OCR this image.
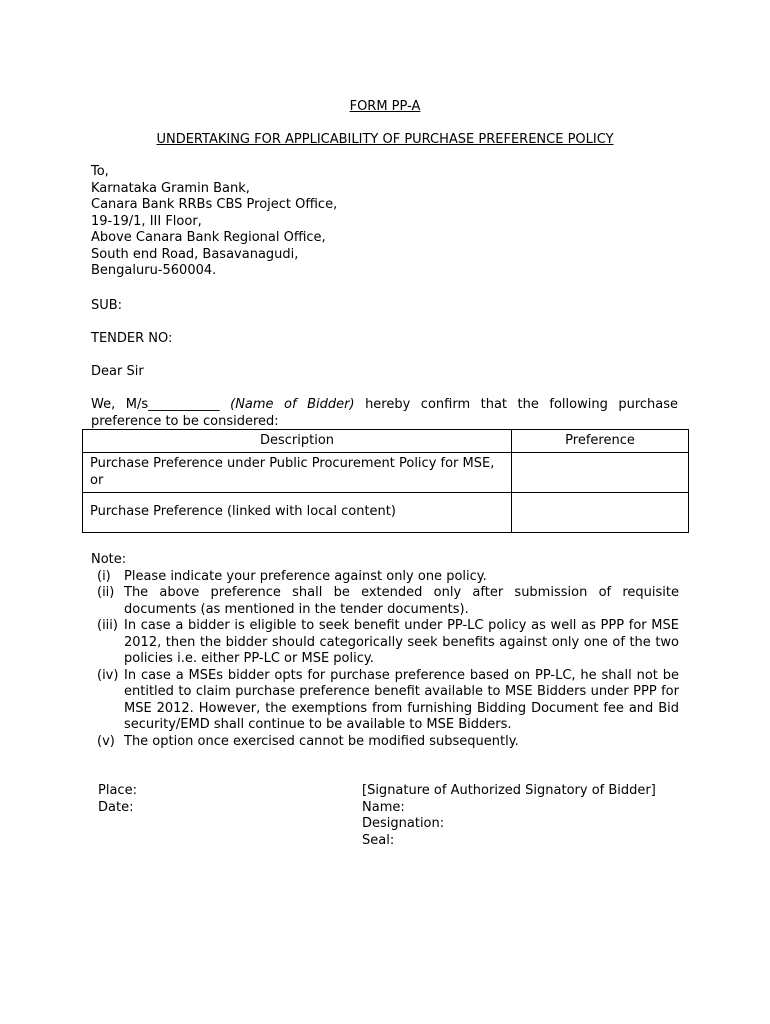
FORM PP-A
UNDERTAKING FOR APPLICABILITY OF PURCHASE PREFERENCE POLICY
To,
Karnataka Gramin Bank,
Canara Bank RRBs CBS Project Office,
19-19/1, III Floor,
Above Canara Bank Regional Office,
South end Road, Basavanagudi,
Bengaluru-560004.
SUB:
TENDER NO:
Dear Sir
We, M/s___________ (Name of Bidder) hereby confirm that the following purchase
preference to be considered:
Description	Preference
Purchase Preference under Public Procurement Policy for MSE, or	
Purchase Preference (linked with local content)	
Note:
(i) Please indicate your preference against only one policy.
(ii) The above preference shall be extended only after submission of requisite documents (as mentioned in the tender documents).
(iii) In case a bidder is eligible to seek benefit under PP-LC policy as well as PPP for MSE 2012, then the bidder should categorically seek benefits against only one of the two policies i.e. either PP-LC or MSE policy.
(iv) In case a MSEs bidder opts for purchase preference based on PP-LC, he shall not be entitled to claim purchase preference benefit available to MSE Bidders under PPP for MSE 2012. However, the exemptions from furnishing Bidding Document fee and Bid security/EMD shall continue to be available to MSE Bidders.
(v) The option once exercised cannot be modified subsequently.
Place:
Date:
[Signature of Authorized Signatory of Bidder]
Name:
Designation:
Seal:
